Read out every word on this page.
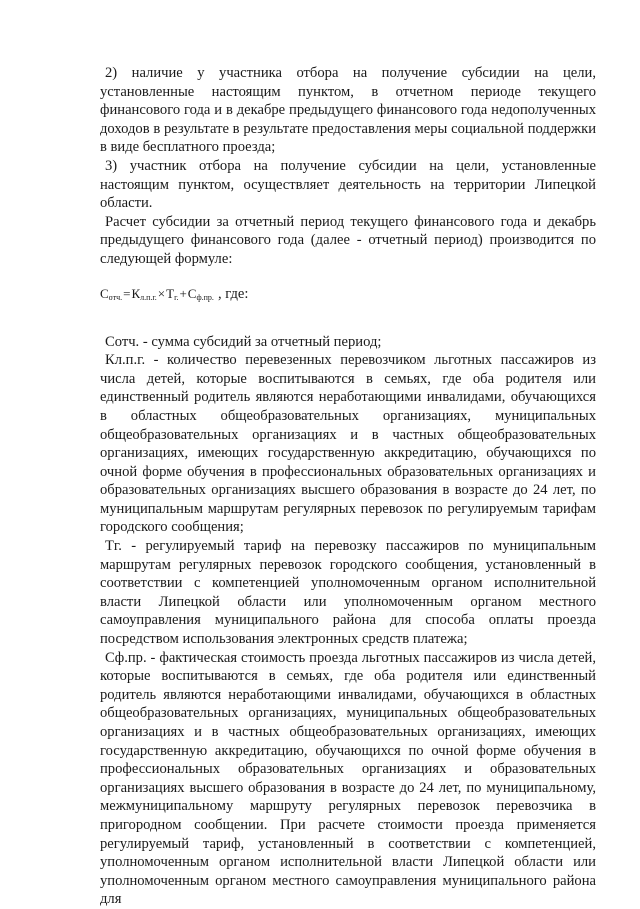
2) наличие у участника отбора на получение субсидии на цели, установленные настоящим пунктом, в отчетном периоде текущего финансового года и в декабре предыдущего финансового года недополученных доходов в результате в результате предоставления меры социальной поддержки в виде бесплатного проезда;

3) участник отбора на получение субсидии на цели, установленные настоящим пунктом, осуществляет деятельность на территории Липецкой области.

Расчет субсидии за отчетный период текущего финансового года и декабрь предыдущего финансового года (далее - отчетный период) производится по следующей формуле:

Сотч.=Кл.п.г.×Тг.+Сф.пр. , где:

Сотч. - сумма субсидий за отчетный период;

Кл.п.г. - количество перевезенных перевозчиком льготных пассажиров из числа детей, которые воспитываются в семьях, где оба родителя или единственный родитель являются неработающими инвалидами, обучающихся в областных общеобразовательных организациях, муниципальных общеобразовательных организациях и в частных общеобразовательных организациях, имеющих государственную аккредитацию, обучающихся по очной форме обучения в профессиональных образовательных организациях и образовательных организациях высшего образования в возрасте до 24 лет, по муниципальным маршрутам регулярных перевозок по регулируемым тарифам городского сообщения;

Тг. - регулируемый тариф на перевозку пассажиров по муниципальным маршрутам регулярных перевозок городского сообщения, установленный в соответствии с компетенцией уполномоченным органом исполнительной власти Липецкой области или уполномоченным органом местного самоуправления муниципального района для способа оплаты проезда посредством использования электронных средств платежа;

Сф.пр. - фактическая стоимость проезда льготных пассажиров из числа детей, которые воспитываются в семьях, где оба родителя или единственный родитель являются неработающими инвалидами, обучающихся в областных общеобразовательных организациях, муниципальных общеобразовательных организациях и в частных общеобразовательных организациях, имеющих государственную аккредитацию, обучающихся по очной форме обучения в профессиональных образовательных организациях и образовательных организациях высшего образования в возрасте до 24 лет, по муниципальному, межмуниципальному маршруту регулярных перевозок перевозчика в пригородном сообщении. При расчете стоимости проезда применяется регулируемый тариф, установленный в соответствии с компетенцией, уполномоченным органом исполнительной власти Липецкой области или уполномоченным органом местного самоуправления муниципального района для
